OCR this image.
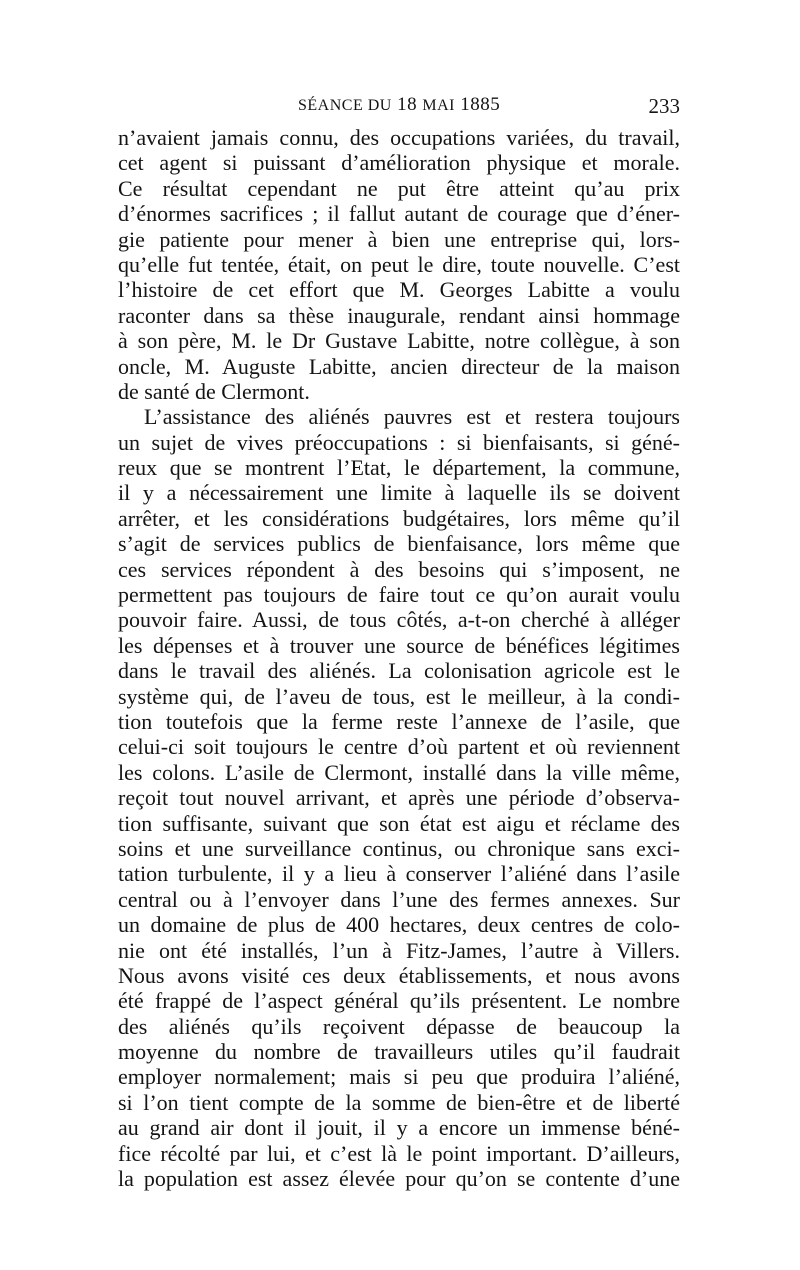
SÉANCE DU 18 MAI 1885	233
n’avaient jamais connu, des occupations variées, du travail,
cet agent si puissant d’amélioration physique et morale.
Ce résultat cependant ne put être atteint qu’au prix
d’énormes sacrifices ; il fallut autant de courage que d’éner-
gie patiente pour mener à bien une entreprise qui, lors-
qu’elle fut tentée, était, on peut le dire, toute nouvelle. C’est
l’histoire de cet effort que M. Georges Labitte a voulu
raconter dans sa thèse inaugurale, rendant ainsi hommage
à son père, M. le Dr Gustave Labitte, notre collègue, à son
oncle, M. Auguste Labitte, ancien directeur de la maison
de santé de Clermont.
L’assistance des aliénés pauvres est et restera toujours
un sujet de vives préoccupations : si bienfaisants, si géné-
reux que se montrent l’Etat, le département, la commune,
il y a nécessairement une limite à laquelle ils se doivent
arrêter, et les considérations budgétaires, lors même qu’il
s’agit de services publics de bienfaisance, lors même que
ces services répondent à des besoins qui s’imposent, ne
permettent pas toujours de faire tout ce qu’on aurait voulu
pouvoir faire. Aussi, de tous côtés, a-t-on cherché à alléger
les dépenses et à trouver une source de bénéfices légitimes
dans le travail des aliénés. La colonisation agricole est le
système qui, de l’aveu de tous, est le meilleur, à la condi-
tion toutefois que la ferme reste l’annexe de l’asile, que
celui-ci soit toujours le centre d’où partent et où reviennent
les colons. L’asile de Clermont, installé dans la ville même,
reçoit tout nouvel arrivant, et après une période d’observa-
tion suffisante, suivant que son état est aigu et réclame des
soins et une surveillance continus, ou chronique sans exci-
tation turbulente, il y a lieu à conserver l’aliéné dans l’asile
central ou à l’envoyer dans l’une des fermes annexes. Sur
un domaine de plus de 400 hectares, deux centres de colo-
nie ont été installés, l’un à Fitz-James, l’autre à Villers.
Nous avons visité ces deux établissements, et nous avons
été frappé de l’aspect général qu’ils présentent. Le nombre
des aliénés qu’ils reçoivent dépasse de beaucoup la
moyenne du nombre de travailleurs utiles qu’il faudrait
employer normalement; mais si peu que produira l’aliéné,
si l’on tient compte de la somme de bien-être et de liberté
au grand air dont il jouit, il y a encore un immense béné-
fice récolté par lui, et c’est là le point important. D’ailleurs,
la population est assez élevée pour qu’on se contente d’une
